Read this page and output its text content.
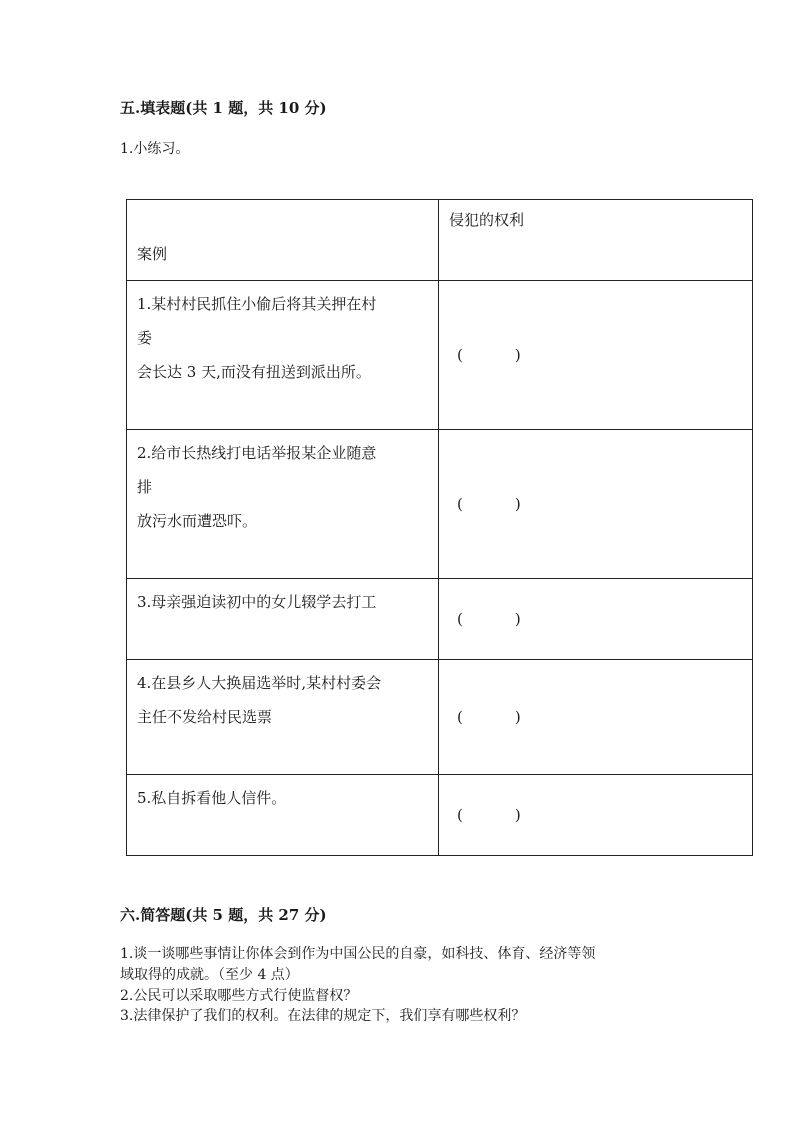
五.填表题(共 1 题，共 10 分)
1.小练习。
案例	侵犯的权利

1.某村村民抓住小偷后将其关押在村
委
会长达 3 天,而没有扭送到派出所。	( )

2.给市长热线打电话举报某企业随意
排
放污水而遭恐吓。	( )

3.母亲强迫读初中的女儿辍学去打工	( )

4.在县乡人大换届选举时,某村村委会
主任不发给村民选票	( )

5.私自拆看他人信件。	( )
六.简答题(共 5 题，共 27 分)
1.谈一谈哪些事情让你体会到作为中国公民的自豪，如科技、体育、经济等领
域取得的成就。（至少 4 点）
2.公民可以采取哪些方式行使监督权？
3.法律保护了我们的权利。在法律的规定下，我们享有哪些权利？
